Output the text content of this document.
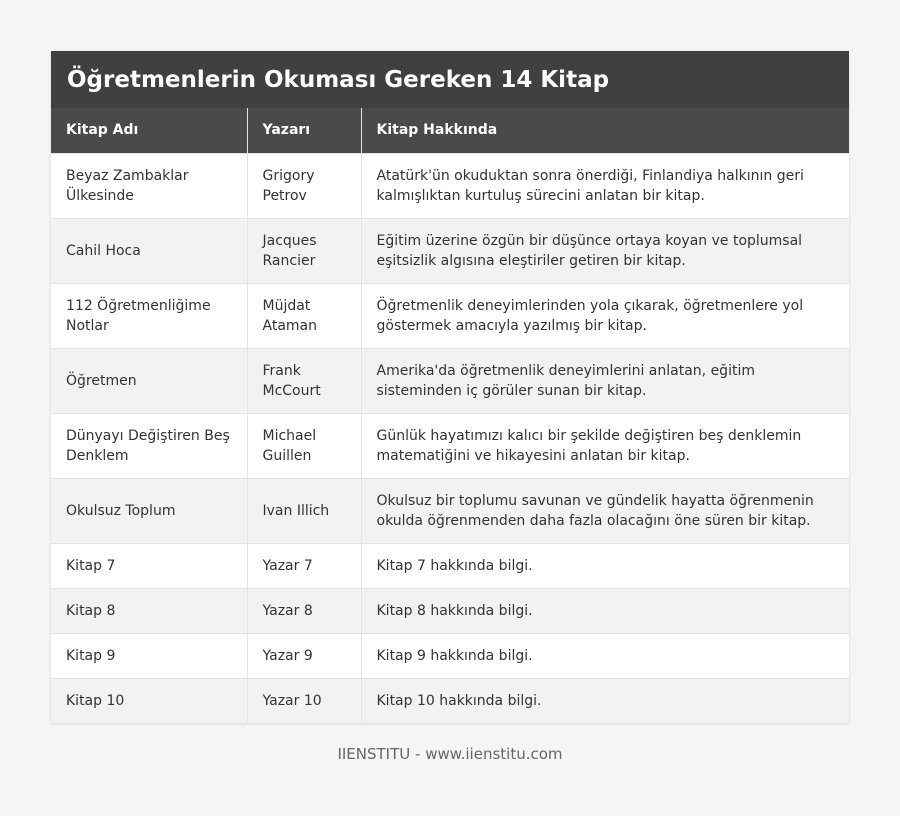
Öğretmenlerin Okuması Gereken 14 Kitap
Kitap Adı	Yazarı	Kitap Hakkında
Beyaz Zambaklar Ülkesinde	Grigory Petrov	Atatürk'ün okuduktan sonra önerdiği, Finlandiya halkının geri kalmışlıktan kurtuluş sürecini anlatan bir kitap.
Cahil Hoca	Jacques Rancier	Eğitim üzerine özgün bir düşünce ortaya koyan ve toplumsal eşitsizlik algısına eleştiriler getiren bir kitap.
112 Öğretmenliğime Notlar	Müjdat Ataman	Öğretmenlik deneyimlerinden yola çıkarak, öğretmenlere yol göstermek amacıyla yazılmış bir kitap.
Öğretmen	Frank McCourt	Amerika'da öğretmenlik deneyimlerini anlatan, eğitim sisteminden iç görüler sunan bir kitap.
Dünyayı Değiştiren Beş Denklem	Michael Guillen	Günlük hayatımızı kalıcı bir şekilde değiştiren beş denklemin matematiğini ve hikayesini anlatan bir kitap.
Okulsuz Toplum	Ivan Illich	Okulsuz bir toplumu savunan ve gündelik hayatta öğrenmenin okulda öğrenmenden daha fazla olacağını öne süren bir kitap.
Kitap 7	Yazar 7	Kitap 7 hakkında bilgi.
Kitap 8	Yazar 8	Kitap 8 hakkında bilgi.
Kitap 9	Yazar 9	Kitap 9 hakkında bilgi.
Kitap 10	Yazar 10	Kitap 10 hakkında bilgi.
IIENSTITU - www.iienstitu.com
